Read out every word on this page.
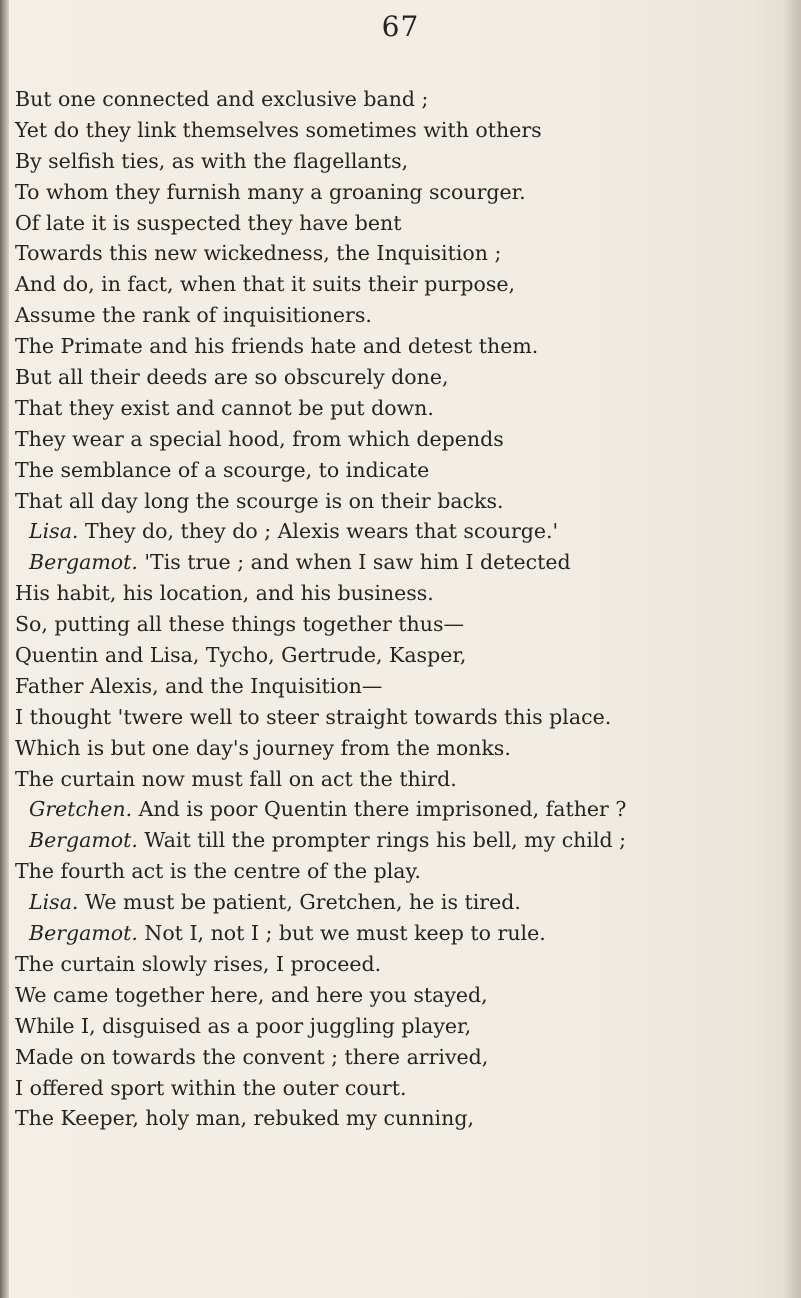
67
But one connected and exclusive band ;
Yet do they link themselves sometimes with others
By selfish ties, as with the flagellants,
To whom they furnish many a groaning scourger.
Of late it is suspected they have bent
Towards this new wickedness, the Inquisition ;
And do, in fact, when that it suits their purpose,
Assume the rank of inquisitioners.
The Primate and his friends hate and detest them.
But all their deeds are so obscurely done,
That they exist and cannot be put down.
They wear a special hood, from which depends
The semblance of a scourge, to indicate
That all day long the scourge is on their backs.
Lisa. They do, they do ; Alexis wears that scourge.'
Bergamot. 'Tis true ; and when I saw him I detected
His habit, his location, and his business.
So, putting all these things together thus—
Quentin and Lisa, Tycho, Gertrude, Kasper,
Father Alexis, and the Inquisition—
I thought 'twere well to steer straight towards this place.
Which is but one day's journey from the monks.
The curtain now must fall on act the third.
Gretchen. And is poor Quentin there imprisoned, father ?
Bergamot. Wait till the prompter rings his bell, my child ;
The fourth act is the centre of the play.
Lisa. We must be patient, Gretchen, he is tired.
Bergamot. Not I, not I ; but we must keep to rule.
The curtain slowly rises, I proceed.
We came together here, and here you stayed,
While I, disguised as a poor juggling player,
Made on towards the convent ; there arrived,
I offered sport within the outer court.
The Keeper, holy man, rebuked my cunning,
